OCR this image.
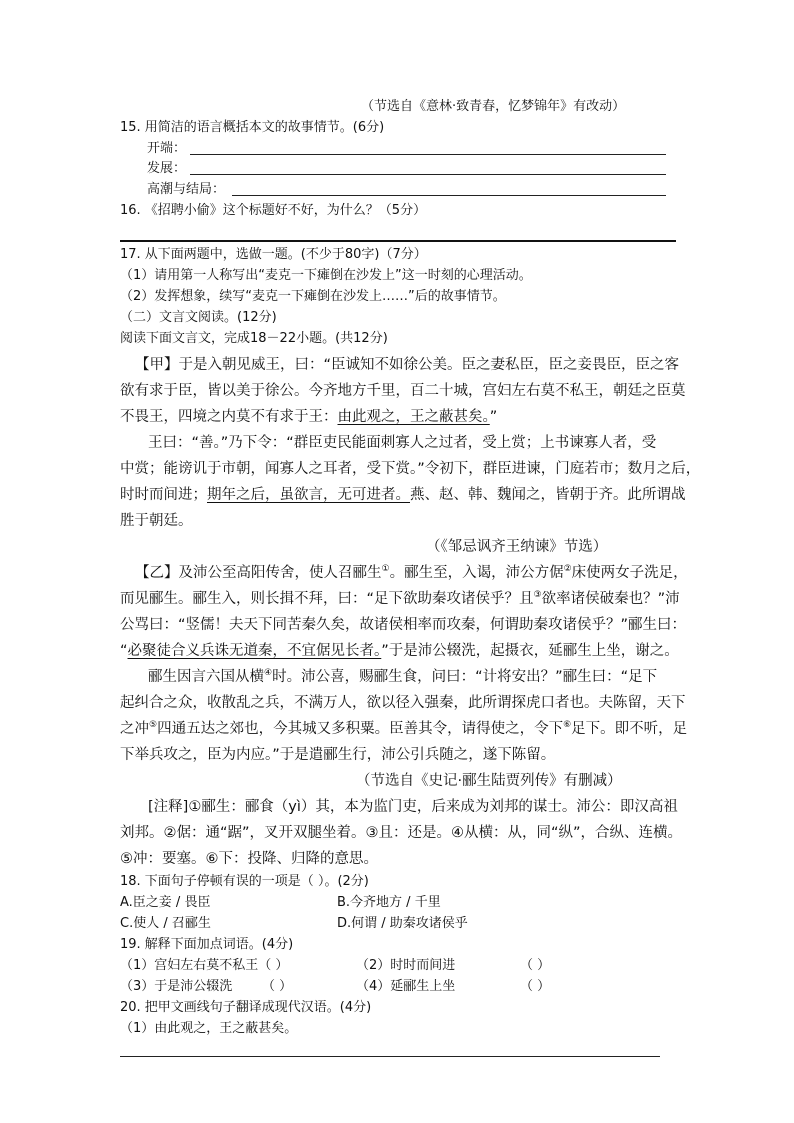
（节选自《意林·致青春，忆梦锦年》有改动）
15. 用简洁的语言概括本文的故事情节。(6分)
开端：
发展：
高潮与结局：
16. 《招聘小偷》这个标题好不好，为什么？（5分）
17. 从下面两题中，选做一题。(不少于80字)（7分）
（1）请用第一人称写出“麦克一下瘫倒在沙发上”这一时刻的心理活动。
（2）发挥想象，续写“麦克一下瘫倒在沙发上……”后的故事情节。
（二）文言文阅读。(12分)
阅读下面文言文，完成18－22小题。(共12分)
【甲】于是入朝见威王，曰：“臣诚知不如徐公美。臣之妻私臣，臣之妾畏臣，臣之客
欲有求于臣，皆以美于徐公。今齐地方千里，百二十城，宫妇左右莫不私王，朝廷之臣莫
不畏王，四境之内莫不有求于王：由此观之，王之蔽甚矣。”
王曰：“善。”乃下令：“群臣吏民能面刺寡人之过者，受上赏；上书谏寡人者，受
中赏；能谤讥于市朝，闻寡人之耳者，受下赏。”令初下，群臣进谏，门庭若市；数月之后，
时时而间进；期年之后，虽欲言，无可进者。燕、赵、韩、魏闻之，皆朝于齐。此所谓战
胜于朝廷。
（《邹忌讽齐王纳谏》节选）
【乙】及沛公至高阳传舍，使人召郦生①。郦生至，入谒，沛公方倨②床使两女子洗足，
而见郦生。郦生入，则长揖不拜，曰：“足下欲助秦攻诸侯乎？且③欲率诸侯破秦也？”沛
公骂曰：“竖儒！夫天下同苦秦久矣，故诸侯相率而攻秦，何谓助秦攻诸侯乎？”郦生曰：
“必聚徒合义兵诛无道秦，不宜倨见长者。”于是沛公辍洗，起摄衣，延郦生上坐，谢之。
郦生因言六国从横④时。沛公喜，赐郦生食，问曰：“计将安出？”郦生曰：“足下
起纠合之众，收散乱之兵，不满万人，欲以径入强秦，此所谓探虎口者也。夫陈留，天下
之冲⑤四通五达之郊也，今其城又多积粟。臣善其令，请得使之，令下⑥足下。即不听，足
下举兵攻之，臣为内应。”于是遣郦生行，沛公引兵随之，遂下陈留。
（节选自《史记·郦生陆贾列传》有删减）
[注释]①郦生：郦食（yì）其，本为监门吏，后来成为刘邦的谋士。沛公：即汉高祖
刘邦。②倨：通“踞”，叉开双腿坐着。③且：还是。④从横：从，同“纵”，合纵、连横。
⑤冲：要塞。⑥下：投降、归降的意思。
18. 下面句子停顿有误的一项是（ ）。(2分)
A.臣之妾 / 畏臣	B.今齐地方 / 千里
C.使人 / 召郦生	D.何谓 / 助秦攻诸侯乎
19. 解释下面加点词语。(4分)
（1）宫妇左右莫不私王（ ）	（2）时时而间进	（ ）
（3）于是沛公辍洗 （ ）	（4）延郦生上坐	（ ）
20. 把甲文画线句子翻译成现代汉语。(4分)
（1）由此观之，王之蔽甚矣。
